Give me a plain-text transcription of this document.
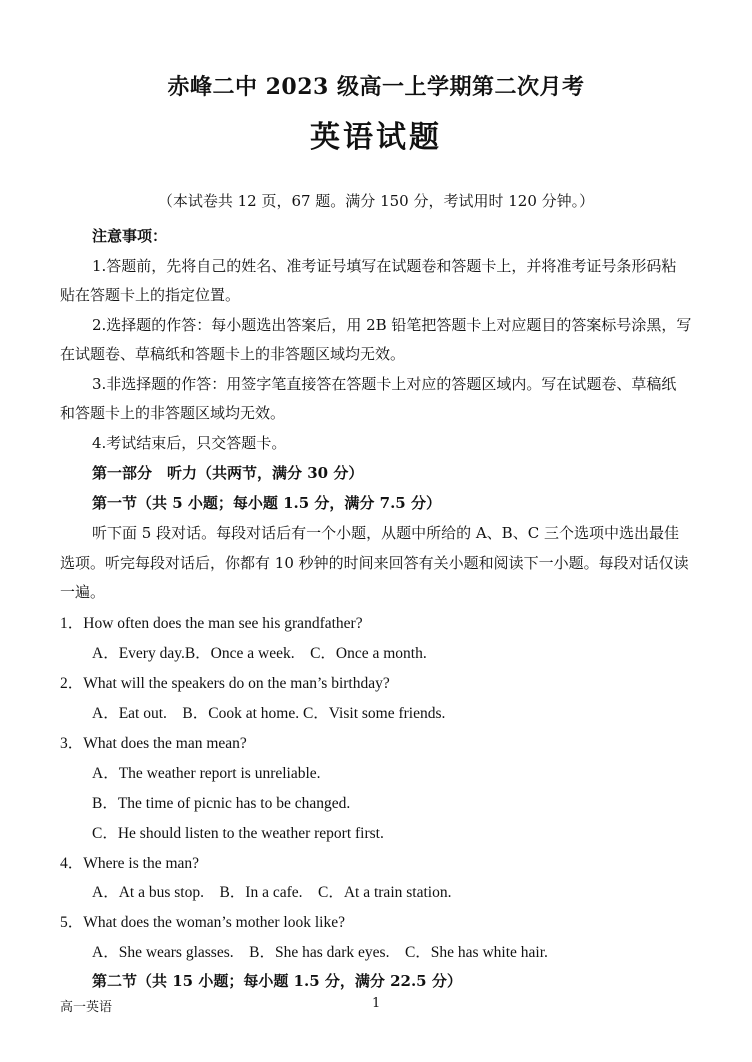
赤峰二中 2023 级高一上学期第二次月考
英语试题
（本试卷共 12 页，67 题。满分 150 分，考试用时 120 分钟。）
注意事项：
1.答题前，先将自己的姓名、准考证号填写在试题卷和答题卡上，并将准考证号条形码粘
贴在答题卡上的指定位置。
2.选择题的作答：每小题选出答案后，用 2B 铅笔把答题卡上对应题目的答案标号涂黑，写
在试题卷、草稿纸和答题卡上的非答题区域均无效。
3.非选择题的作答：用签字笔直接答在答题卡上对应的答题区域内。写在试题卷、草稿纸
和答题卡上的非答题区域均无效。
4.考试结束后，只交答题卡。
第一部分　听力（共两节，满分 30 分）
第一节（共 5 小题；每小题 1.5 分，满分 7.5 分）
听下面 5 段对话。每段对话后有一个小题，从题中所给的 A、B、C 三个选项中选出最佳
选项。听完每段对话后，你都有 10 秒钟的时间来回答有关小题和阅读下一小题。每段对话仅读
一遍。
1．How often does the man see his grandfather?
A．Every day.B．Once a week.　C．Once a month.
2．What will the speakers do on the man’s birthday?
A．Eat out.　B．Cook at home. C．Visit some friends.
3．What does the man mean?
A．The weather report is unreliable.
B．The time of picnic has to be changed.
C．He should listen to the weather report first.
4．Where is the man?
A．At a bus stop.　B．In a cafe.　C．At a train station.
5．What does the woman’s mother look like?
A．She wears glasses.　B．She has dark eyes.　C．She has white hair.
第二节（共 15 小题；每小题 1.5 分，满分 22.5 分）
高一英语	1
